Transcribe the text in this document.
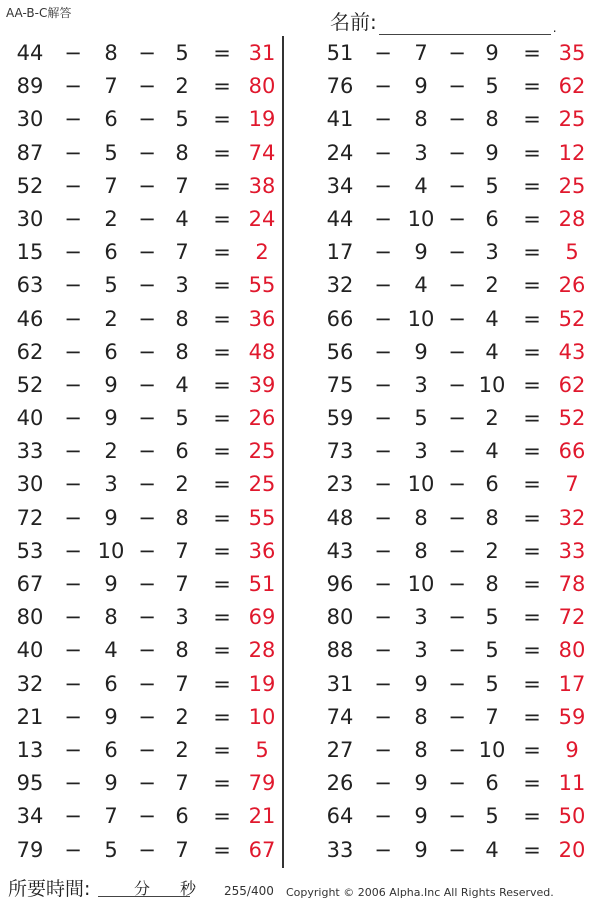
AA-B-C解答	名前:	.
44 −	8 − 5	= 31
89 −	7 − 2	= 80
30 −	6 − 5	= 19
87 −	5 − 8	= 74
52 −	7 − 7	= 38
30 −	2 − 4	= 24
15 −	6 − 7	=	2
63 −	5 − 3	= 55
46 −	2 − 8	= 36
62 −	6 − 8	= 48
52 −	9 − 4	= 39
40 −	9 − 5	= 26
33 −	2 − 6	= 25
30 −	3 − 2	= 25
72 −	9 − 8	= 55
53 − 10 − 7	= 36
67 −	9 − 7	= 51
80 −	8 − 3	= 69
40 −	4 − 8	= 28
32 −	6 − 7	= 19
21 −	9 − 2	= 10
13 −	6 − 2	=	5
95 −	9 − 7	= 79
34 −	7 − 6	= 21
79 −	5 − 7	= 67
51 −	7 − 9	= 35
76 −	9 − 5	= 62
41 −	8 − 8	= 25
24 −	3 − 9	= 12
34 −	4 − 5	= 25
44 − 10 − 6	= 28
17 −	9 − 3	=	5
32 −	4 − 2	= 26
66 − 10 − 4	= 52
56 −	9 − 4	= 43
75 −	3 − 10 = 62
59 −	5 − 2	= 52
73 −	3 − 4	= 66
23 − 10 − 6	=	7
48 −	8 − 8	= 32
43 −	8 − 2	= 33
96 − 10 − 8	= 78
80 −	3 − 5	= 72
88 −	3 − 5	= 80
31 −	9 − 5	= 17
74 −	8 − 7	= 59
27 −	8 − 10 =	9
26 −	9 − 6	= 11
64 −	9 − 5	= 50
33 −	9 − 4	= 20
所要時間:	分 秒 255/400 Copyright © 2006 Alpha.Inc All Rights Reserved.
